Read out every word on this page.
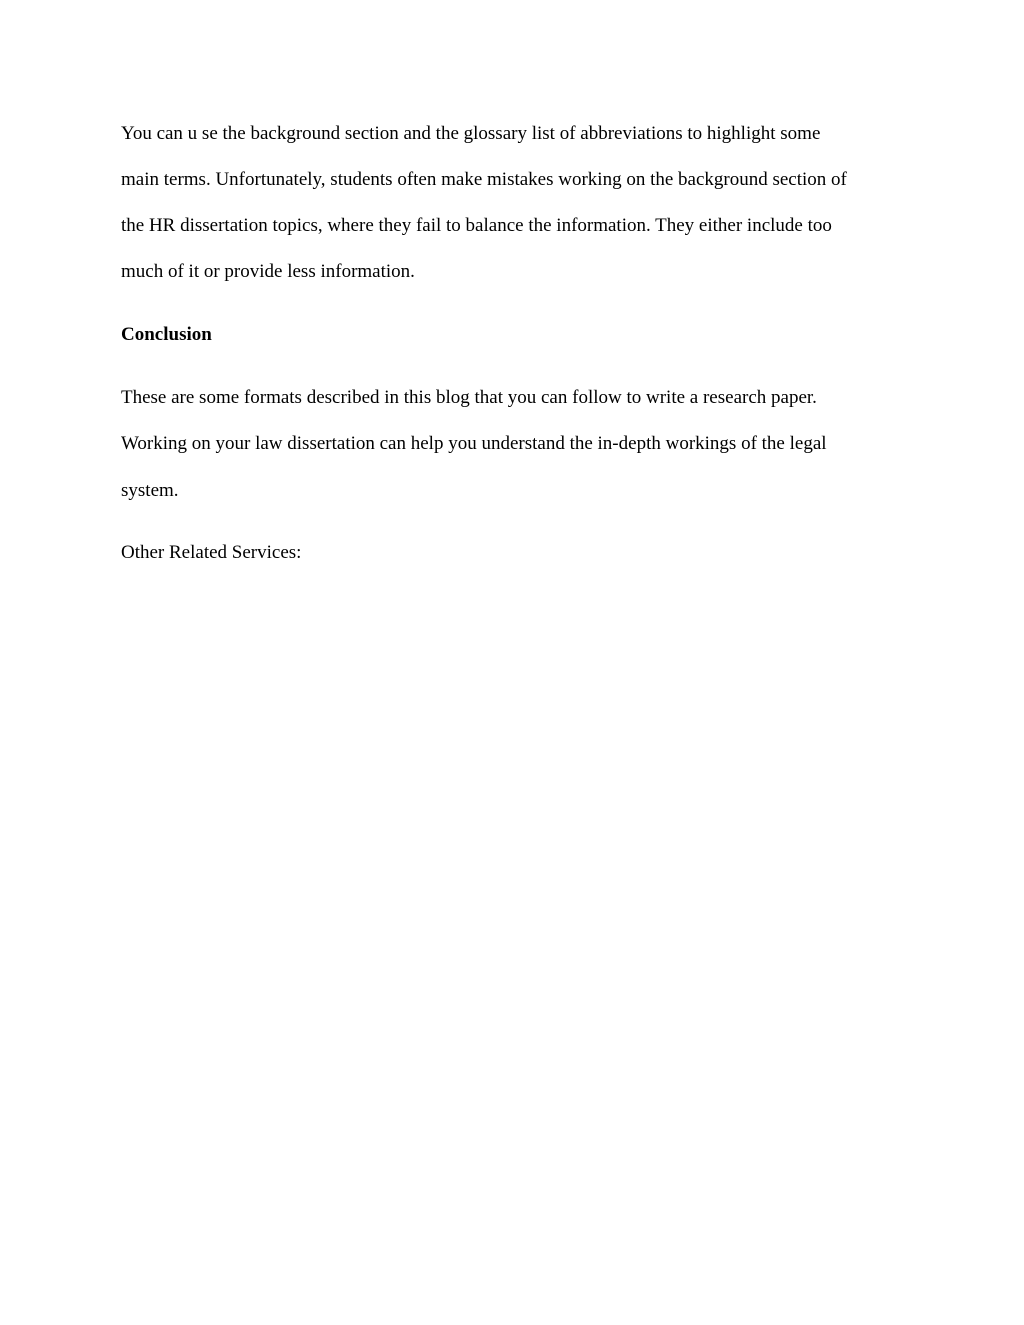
You can u se the background section and the glossary list of abbreviations to highlight some
main terms. Unfortunately, students often make mistakes working on the background section of
the HR dissertation topics, where they fail to balance the information. They either include too
much of it or provide less information.
Conclusion
These are some formats described in this blog that you can follow to write a research paper.
Working on your law dissertation can help you understand the in-depth workings of the legal
system.
Other Related Services:
